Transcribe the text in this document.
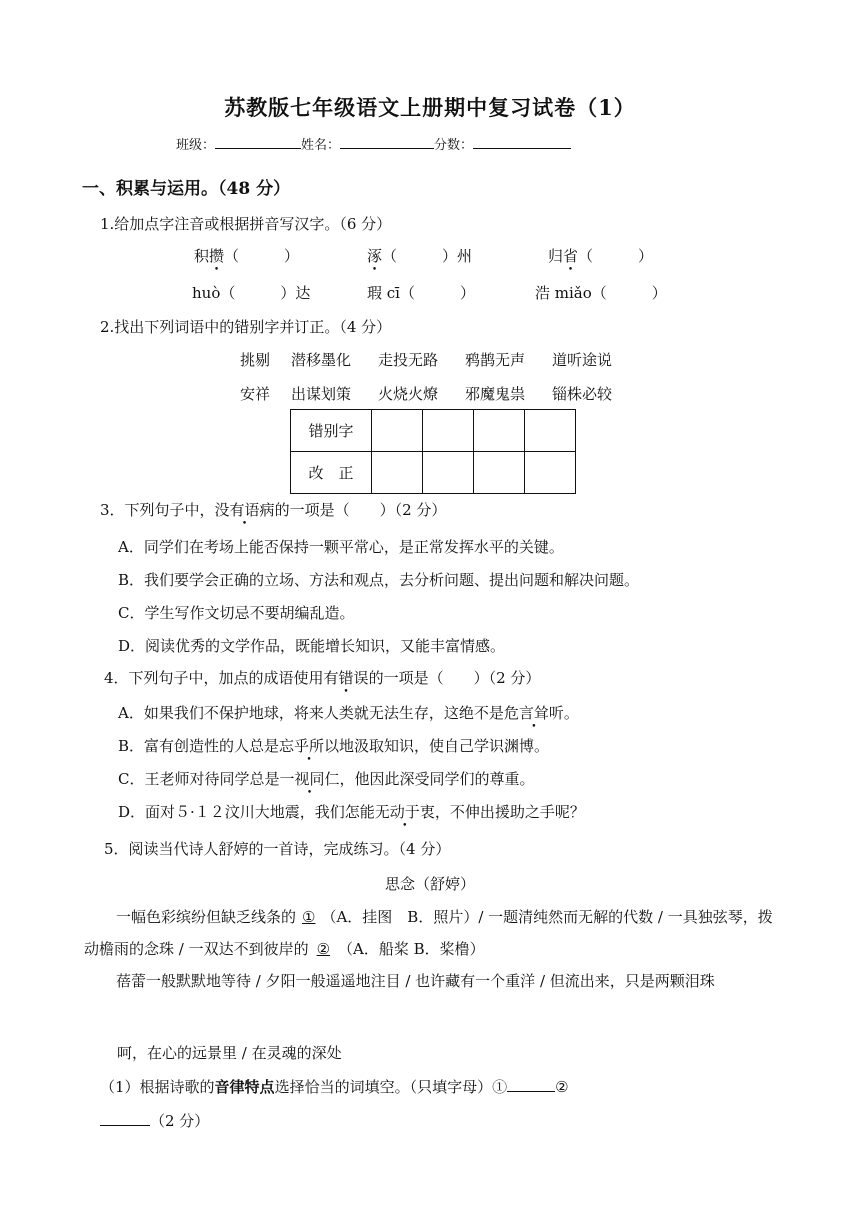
苏教版七年级语文上册期中复习试卷（1）
班级：	姓名：	分数：
一、积累与运用。（48 分）
1.给加点字注音或根据拼音写汉字。（6 分）
积攒（　　　）	涿（　　　）州	归省（　　　）
huò（　　　）达	瑕 cī（　　　）	浩 miǎo（　　　）
2.找出下列词语中的错别字并订正。（4 分）
挑剔 潜移墨化 走投无路 鸦鹊无声 道听途说
安祥 出谋划策 火烧火燎 邪魔鬼祟 锱株必较
错别字				
改　正				
3．下列句子中，没有语病的一项是（　　）（2 分）
A．同学们在考场上能否保持一颗平常心，是正常发挥水平的关键。
B．我们要学会正确的立场、方法和观点，去分析问题、提出问题和解决问题。
C．学生写作文切忌不要胡编乱造。
D．阅读优秀的文学作品，既能增长知识，又能丰富情感。
4．下列句子中，加点的成语使用有错误的一项是（　　）（2 分）
A．如果我们不保护地球，将来人类就无法生存，这绝不是危言耸听。
B．富有创造性的人总是忘乎所以地汲取知识，使自己学识渊博。
C．王老师对待同学总是一视同仁，他因此深受同学们的尊重。
D．面对５·１２汶川大地震，我们怎能无动于衷，不伸出援助之手呢？
5．阅读当代诗人舒婷的一首诗，完成练习。（4 分）
思念（舒婷）
一幅色彩缤纷但缺乏线条的 ① （A．挂图　B．照片）/ 一题清纯然而无解的代数 / 一具独弦琴，拨动檐雨的念珠 / 一双达不到彼岸的 ② （A．船桨 B．桨橹）
蓓蕾一般默默地等待 / 夕阳一般遥遥地注目 / 也许藏有一个重洋 / 但流出来，只是两颗泪珠
呵，在心的远景里 / 在灵魂的深处
（1）根据诗歌的音律特点选择恰当的词填空。（只填字母）①	②
（2 分）
